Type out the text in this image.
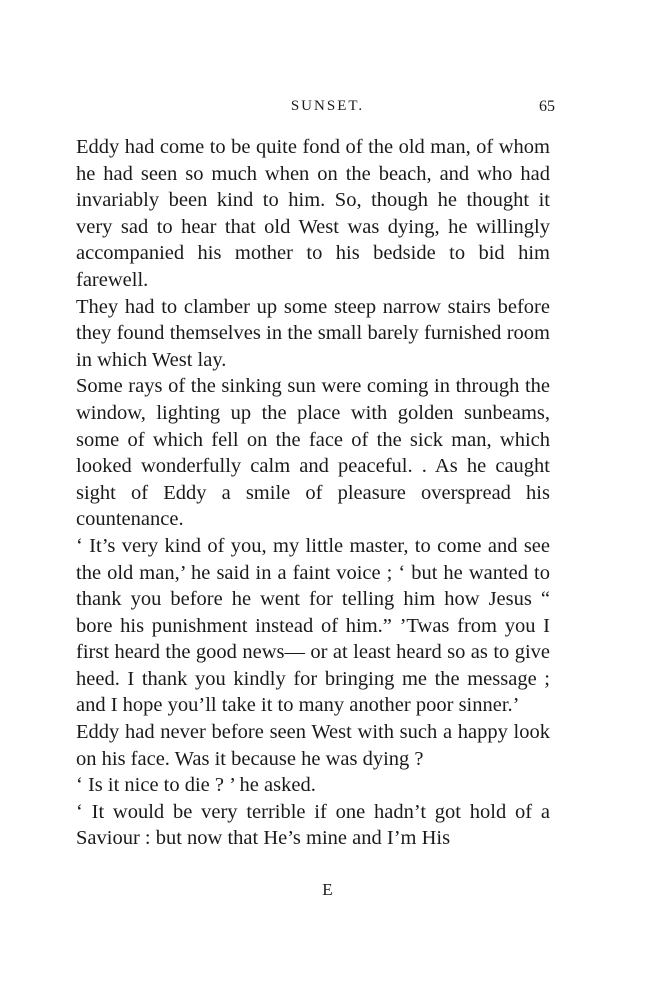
SUNSET.	65

Eddy had come to be quite fond of the old man, of whom he had seen so much when on the beach, and who had invariably been kind to him. So, though he thought it very sad to hear that old West was dying, he willingly accompanied his mother to his bedside to bid him farewell.

They had to clamber up some steep narrow stairs before they found themselves in the small barely furnished room in which West lay.

Some rays of the sinking sun were coming in through the window, lighting up the place with golden sunbeams, some of which fell on the face of the sick man, which looked wonderfully calm and peaceful. . As he caught sight of Eddy a smile of pleasure overspread his countenance.

‘ It’s very kind of you, my little master, to come and see the old man,’ he said in a faint voice ; ‘ but he wanted to thank you before he went for telling him how Jesus “ bore his punishment instead of him.” ’Twas from you I first heard the good news— or at least heard so as to give heed. I thank you kindly for bringing me the message ; and I hope you’ll take it to many another poor sinner.’

Eddy had never before seen West with such a happy look on his face. Was it because he was dying ?

‘ Is it nice to die ? ’ he asked.

‘ It would be very terrible if one hadn’t got hold of a Saviour : but now that He’s mine and I’m His

E
